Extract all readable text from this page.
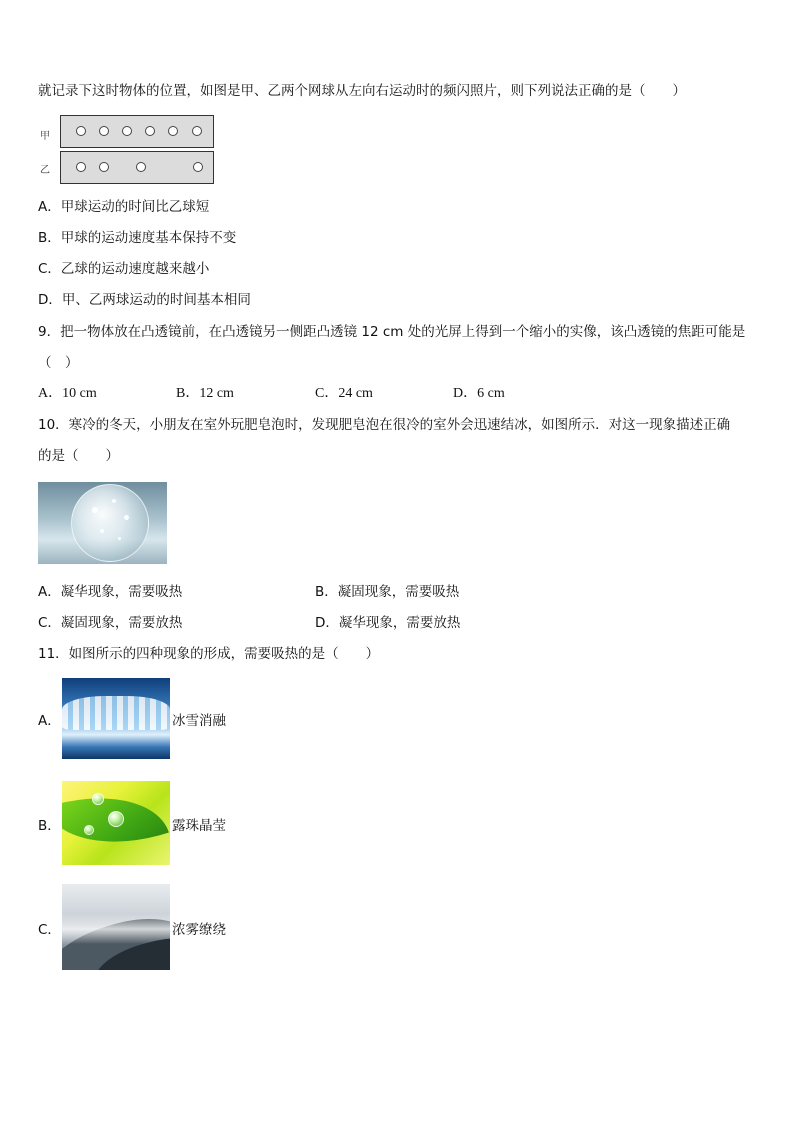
就记录下这时物体的位置，如图是甲、乙两个网球从左向右运动时的频闪照片，则下列说法正确的是（　　）
甲
乙
A．甲球运动的时间比乙球短
B．甲球的运动速度基本保持不变
C．乙球的运动速度越来越小
D．甲、乙两球运动的时间基本相同
9．把一物体放在凸透镜前，在凸透镜另一侧距凸透镜 12 cm 处的光屏上得到一个缩小的实像，该凸透镜的焦距可能是
（　）
A．10 cm	B．12 cm	C．24 cm	D．6 cm
10．寒冷的冬天，小朋友在室外玩肥皂泡时，发现肥皂泡在很冷的室外会迅速结冰，如图所示．对这一现象描述正确
的是（　　）
A．凝华现象，需要吸热	B．凝固现象，需要吸热
C．凝固现象，需要放热	D．凝华现象，需要放热
11．如图所示的四种现象的形成，需要吸热的是（　　）
A．	冰雪消融
B．	露珠晶莹
C．	浓雾缭绕
